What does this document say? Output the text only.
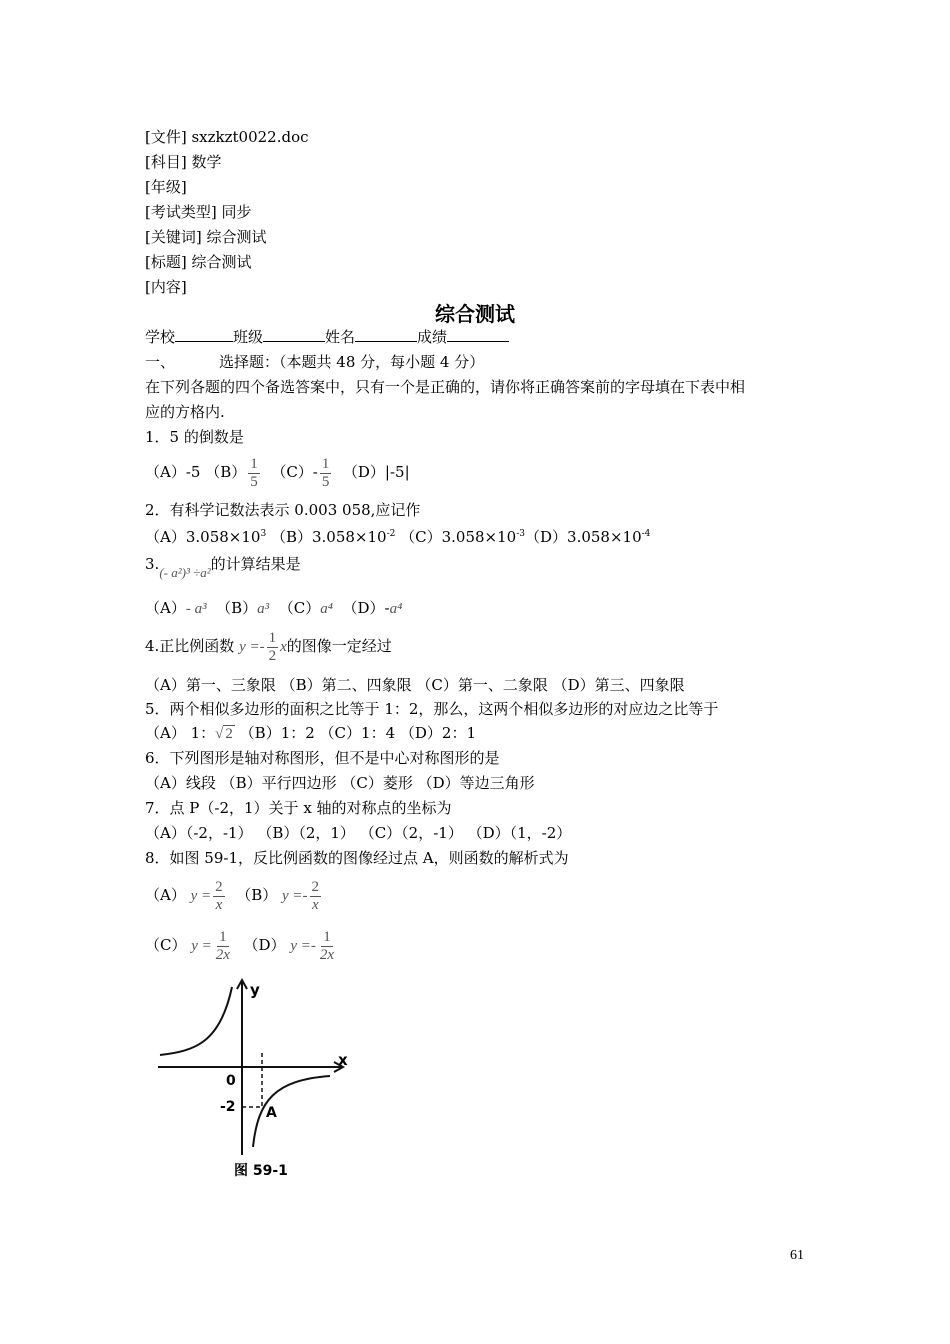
[文件] sxzkzt0022.doc
[科目] 数学
[年级]
[考试类型] 同步
[关键词] 综合测试
[标题] 综合测试
[内容]
综合测试
学校	班级	姓名	成绩
一、	选择题：（本题共 48 分，每小题 4 分）
在下列各题的四个备选答案中，只有一个是正确的，请你将正确答案前的字母填在下表中相
应的方格内.
1．5 的倒数是
（A）-5 $(B) \frac{1}{5} (C)- \frac{1}{5} (D)|-5|$
2．有科学记数法表示 0.003 058,应记作
$(A)3.058\times 10^3$ $(B)3.058\times 10^{-2}$ $(C)3.058\times 10^{-3}(D)3.058\times 10^{-4}$
3.(- a²)³ ÷a²的计算结果是
（A）- a³ （B）a³ （C）a⁴ （D）-a⁴
4.正比例函数 $y =- \frac{1}{2}$ x的图像一定经过
（A）第一、三象限 （B）第二、四象限 （C）第一、二象限 （D）第三、四象限
5．两个相似多边形的面积之比等于 1：2，那么，这两个相似多边形的对应边之比等于
（A） 1：√ 2 （B）1：2 （C）1：4 （D）2：1
6．下列图形是轴对称图形，但不是中心对称图形的是
（A）线段 （B）平行四边形 （C）菱形 （D）等边三角形
7．点 P（-2，1）关于 x 轴的对称点的坐标为
（A）（-2，-1） （B）（2，1） （C）（2，-1） （D）（1，-2）
8．如图 59-1，反比例函数的图像经过点 A，则函数的解析式为
（A） $y = \frac{2}{x} (B) y =- \frac{2}{x}$
（C） $y = \frac{1}{2x} (D) y =- \frac{1}{2x}$
y
x
0
-2 A
图 59-1
61
